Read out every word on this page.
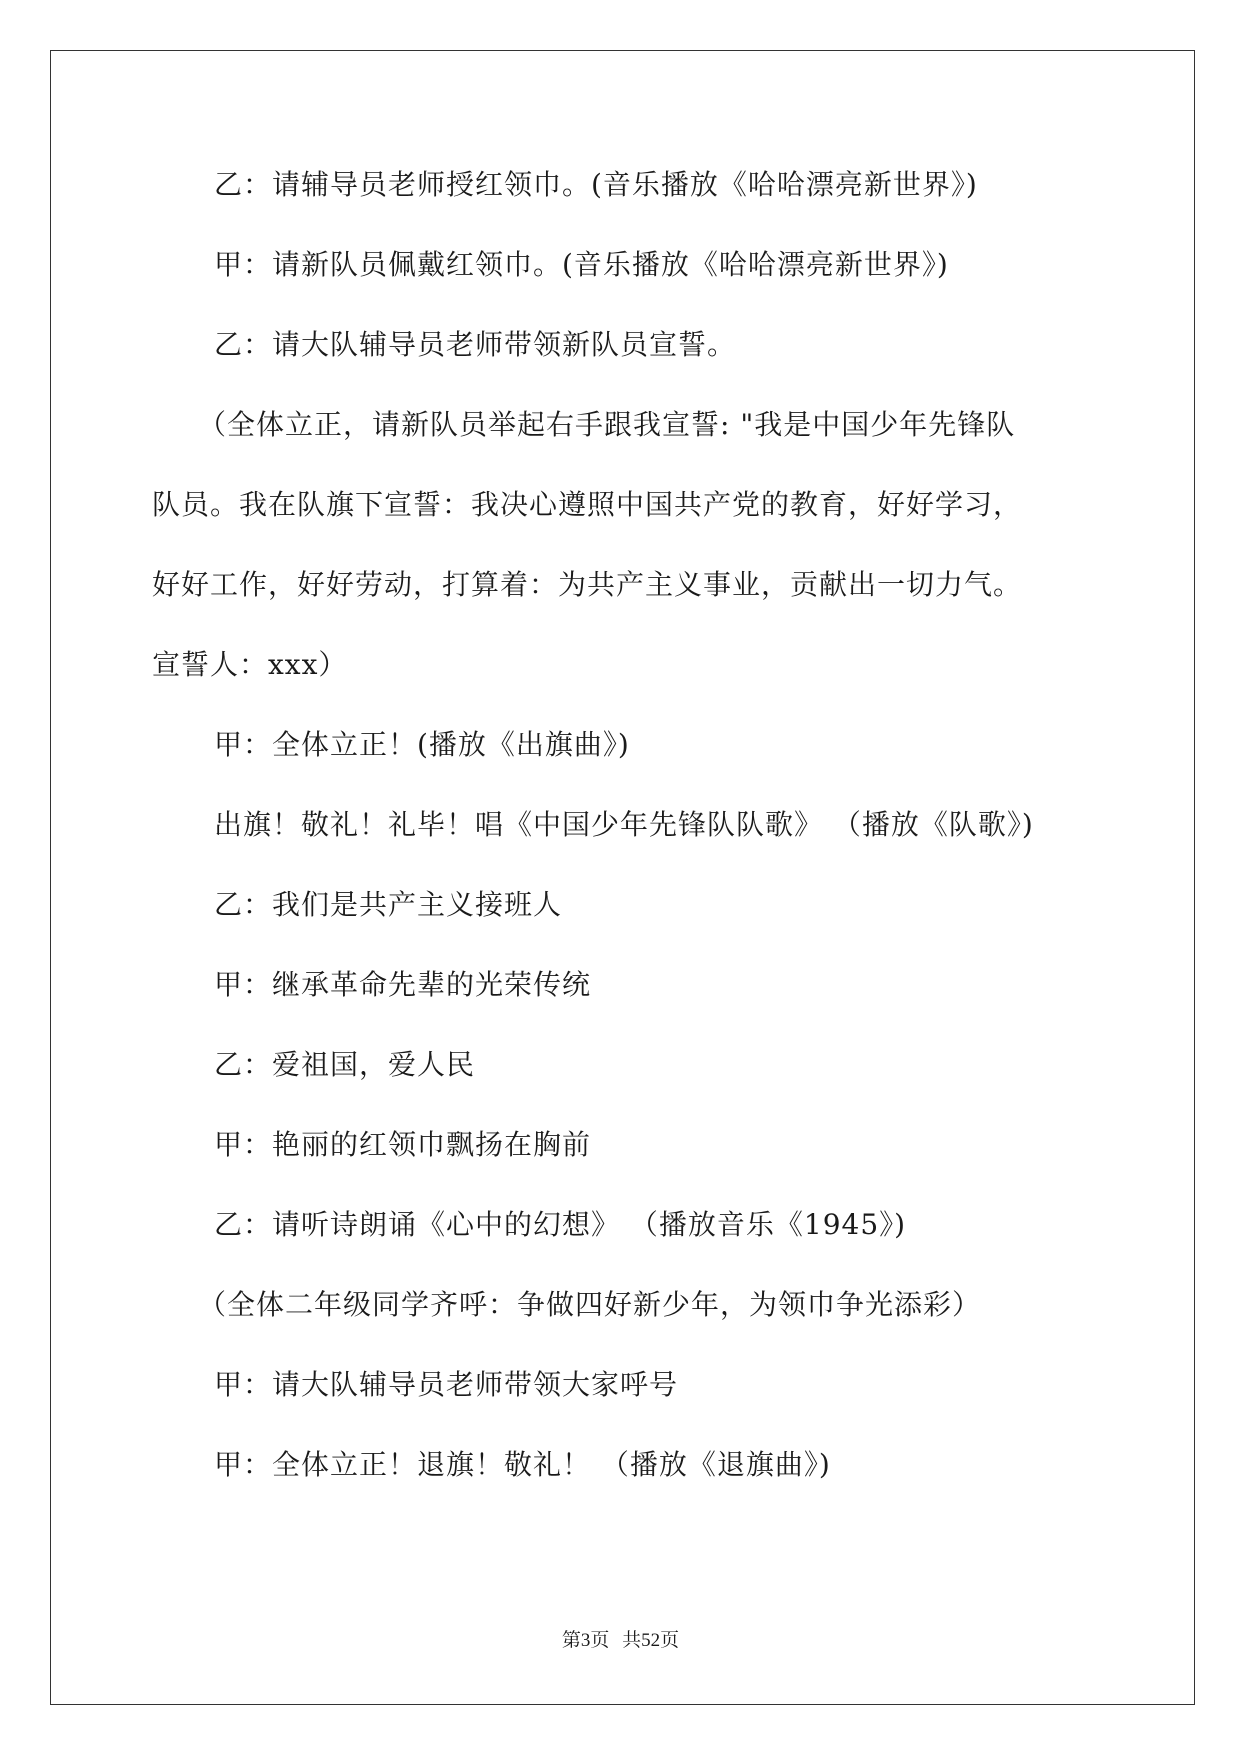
乙：请辅导员老师授红领巾。(音乐播放《哈哈漂亮新世界》)

甲：请新队员佩戴红领巾。(音乐播放《哈哈漂亮新世界》)

乙：请大队辅导员老师带领新队员宣誓。

（全体立正，请新队员举起右手跟我宣誓: "我是中国少年先锋队

队员。我在队旗下宣誓：我决心遵照中国共产党的教育，好好学习，

好好工作，好好劳动，打算着：为共产主义事业，贡献出一切力气。

宣誓人：xxx）

甲：全体立正！(播放《出旗曲》)

出旗！敬礼！礼毕！唱《中国少年先锋队队歌》 （播放《队歌》)

乙：我们是共产主义接班人

甲：继承革命先辈的光荣传统

乙：爱祖国，爱人民

甲：艳丽的红领巾飘扬在胸前

乙：请听诗朗诵《心中的幻想》 （播放音乐《1945》)

（全体二年级同学齐呼：争做四好新少年，为领巾争光添彩）

甲：请大队辅导员老师带领大家呼号

甲：全体立正！退旗！敬礼！ （播放《退旗曲》)

第3页 共52页
